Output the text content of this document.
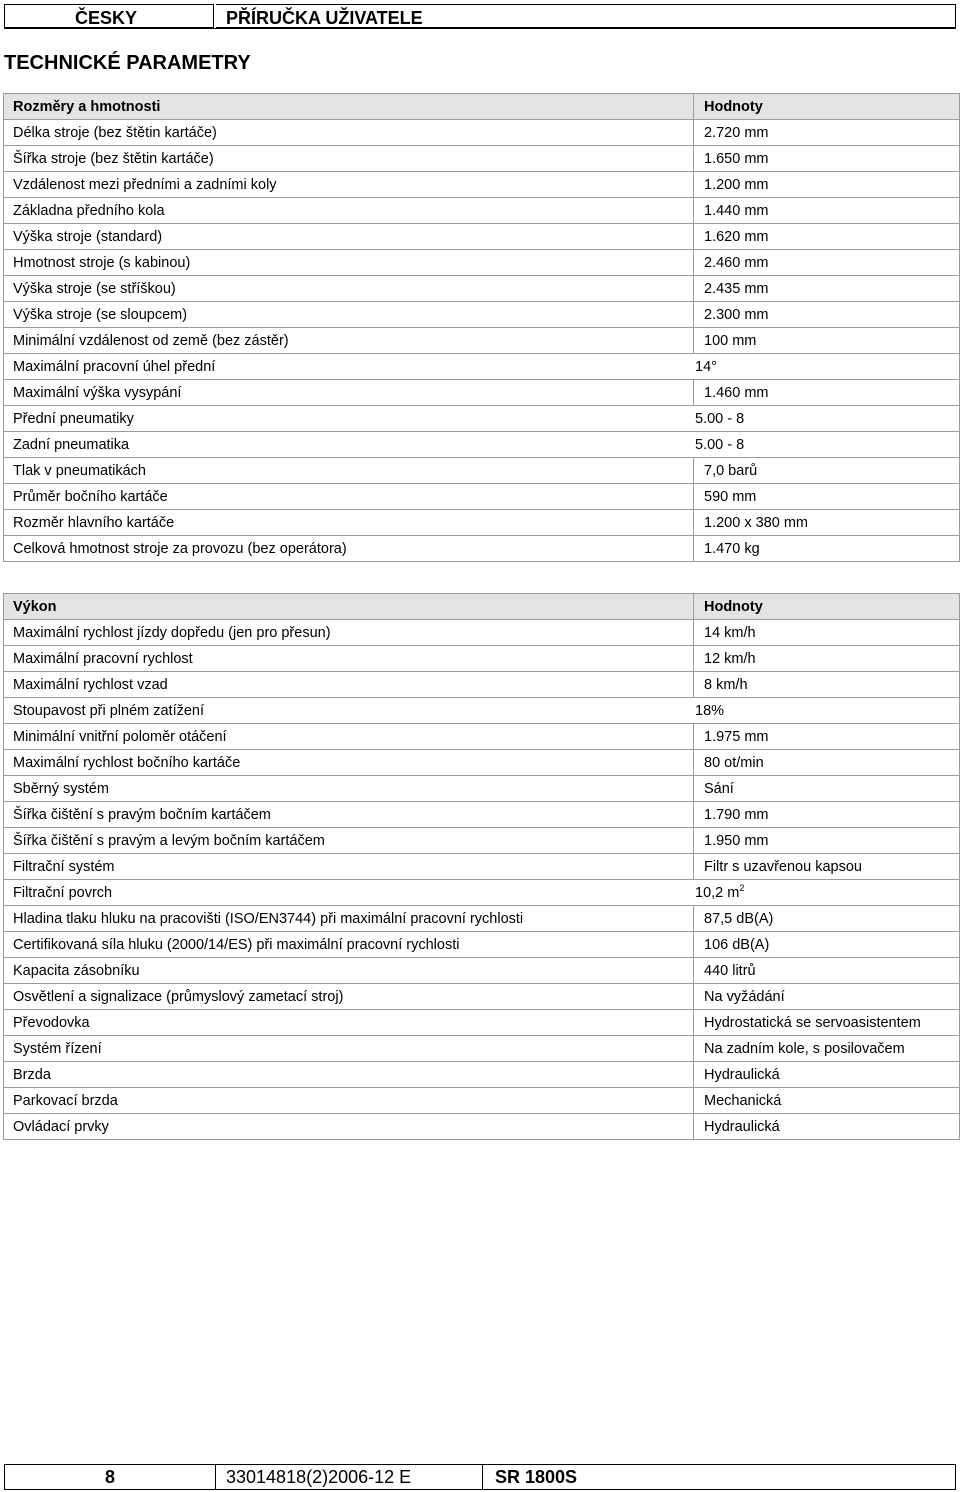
ČESKY	PŘÍRUČKA UŽIVATELE
TECHNICKÉ PARAMETRY
Rozměry a hmotnosti	Hodnoty
Délka stroje (bez štětin kartáče)	2.720 mm
Šířka stroje (bez štětin kartáče)	1.650 mm
Vzdálenost mezi předními a zadními koly	1.200 mm
Základna předního kola	1.440 mm
Výška stroje (standard)	1.620 mm
Hmotnost stroje (s kabinou)	2.460 mm
Výška stroje (se stříškou)	2.435 mm
Výška stroje (se sloupcem)	2.300 mm
Minimální vzdálenost od země (bez zástěr)	100 mm
Maximální pracovní úhel přední	14°
Maximální výška vysypání	1.460 mm
Přední pneumatiky	5.00 - 8
Zadní pneumatika	5.00 - 8
Tlak v pneumatikách	7,0 barů
Průměr bočního kartáče	590 mm
Rozměr hlavního kartáče	1.200 x 380 mm
Celková hmotnost stroje za provozu (bez operátora)	1.470 kg
Výkon	Hodnoty
Maximální rychlost jízdy dopředu (jen pro přesun)	14 km/h
Maximální pracovní rychlost	12 km/h
Maximální rychlost vzad	8 km/h
Stoupavost při plném zatížení	18%
Minimální vnitřní poloměr otáčení	1.975 mm
Maximální rychlost bočního kartáče	80 ot/min
Sběrný systém	Sání
Šířka čištění s pravým bočním kartáčem	1.790 mm
Šířka čištění s pravým a levým bočním kartáčem	1.950 mm
Filtrační systém	Filtr s uzavřenou kapsou
Filtrační povrch	10,2 $m^2$
Hladina tlaku hluku na pracovišti (ISO/EN3744) při maximální pracovní rychlosti	87,5 dB(A)
Certifikovaná síla hluku (2000/14/ES) při maximální pracovní rychlosti	106 dB(A)
Kapacita zásobníku	440 litrů
Osvětlení a signalizace (průmyslový zametací stroj)	Na vyžádání
Převodovka	Hydrostatická se servoasistentem
Systém řízení	Na zadním kole, s posilovačem
Brzda	Hydraulická
Parkovací brzda	Mechanická
Ovládací prvky	Hydraulická
8	33014818(2)2006-12 E	SR 1800S
